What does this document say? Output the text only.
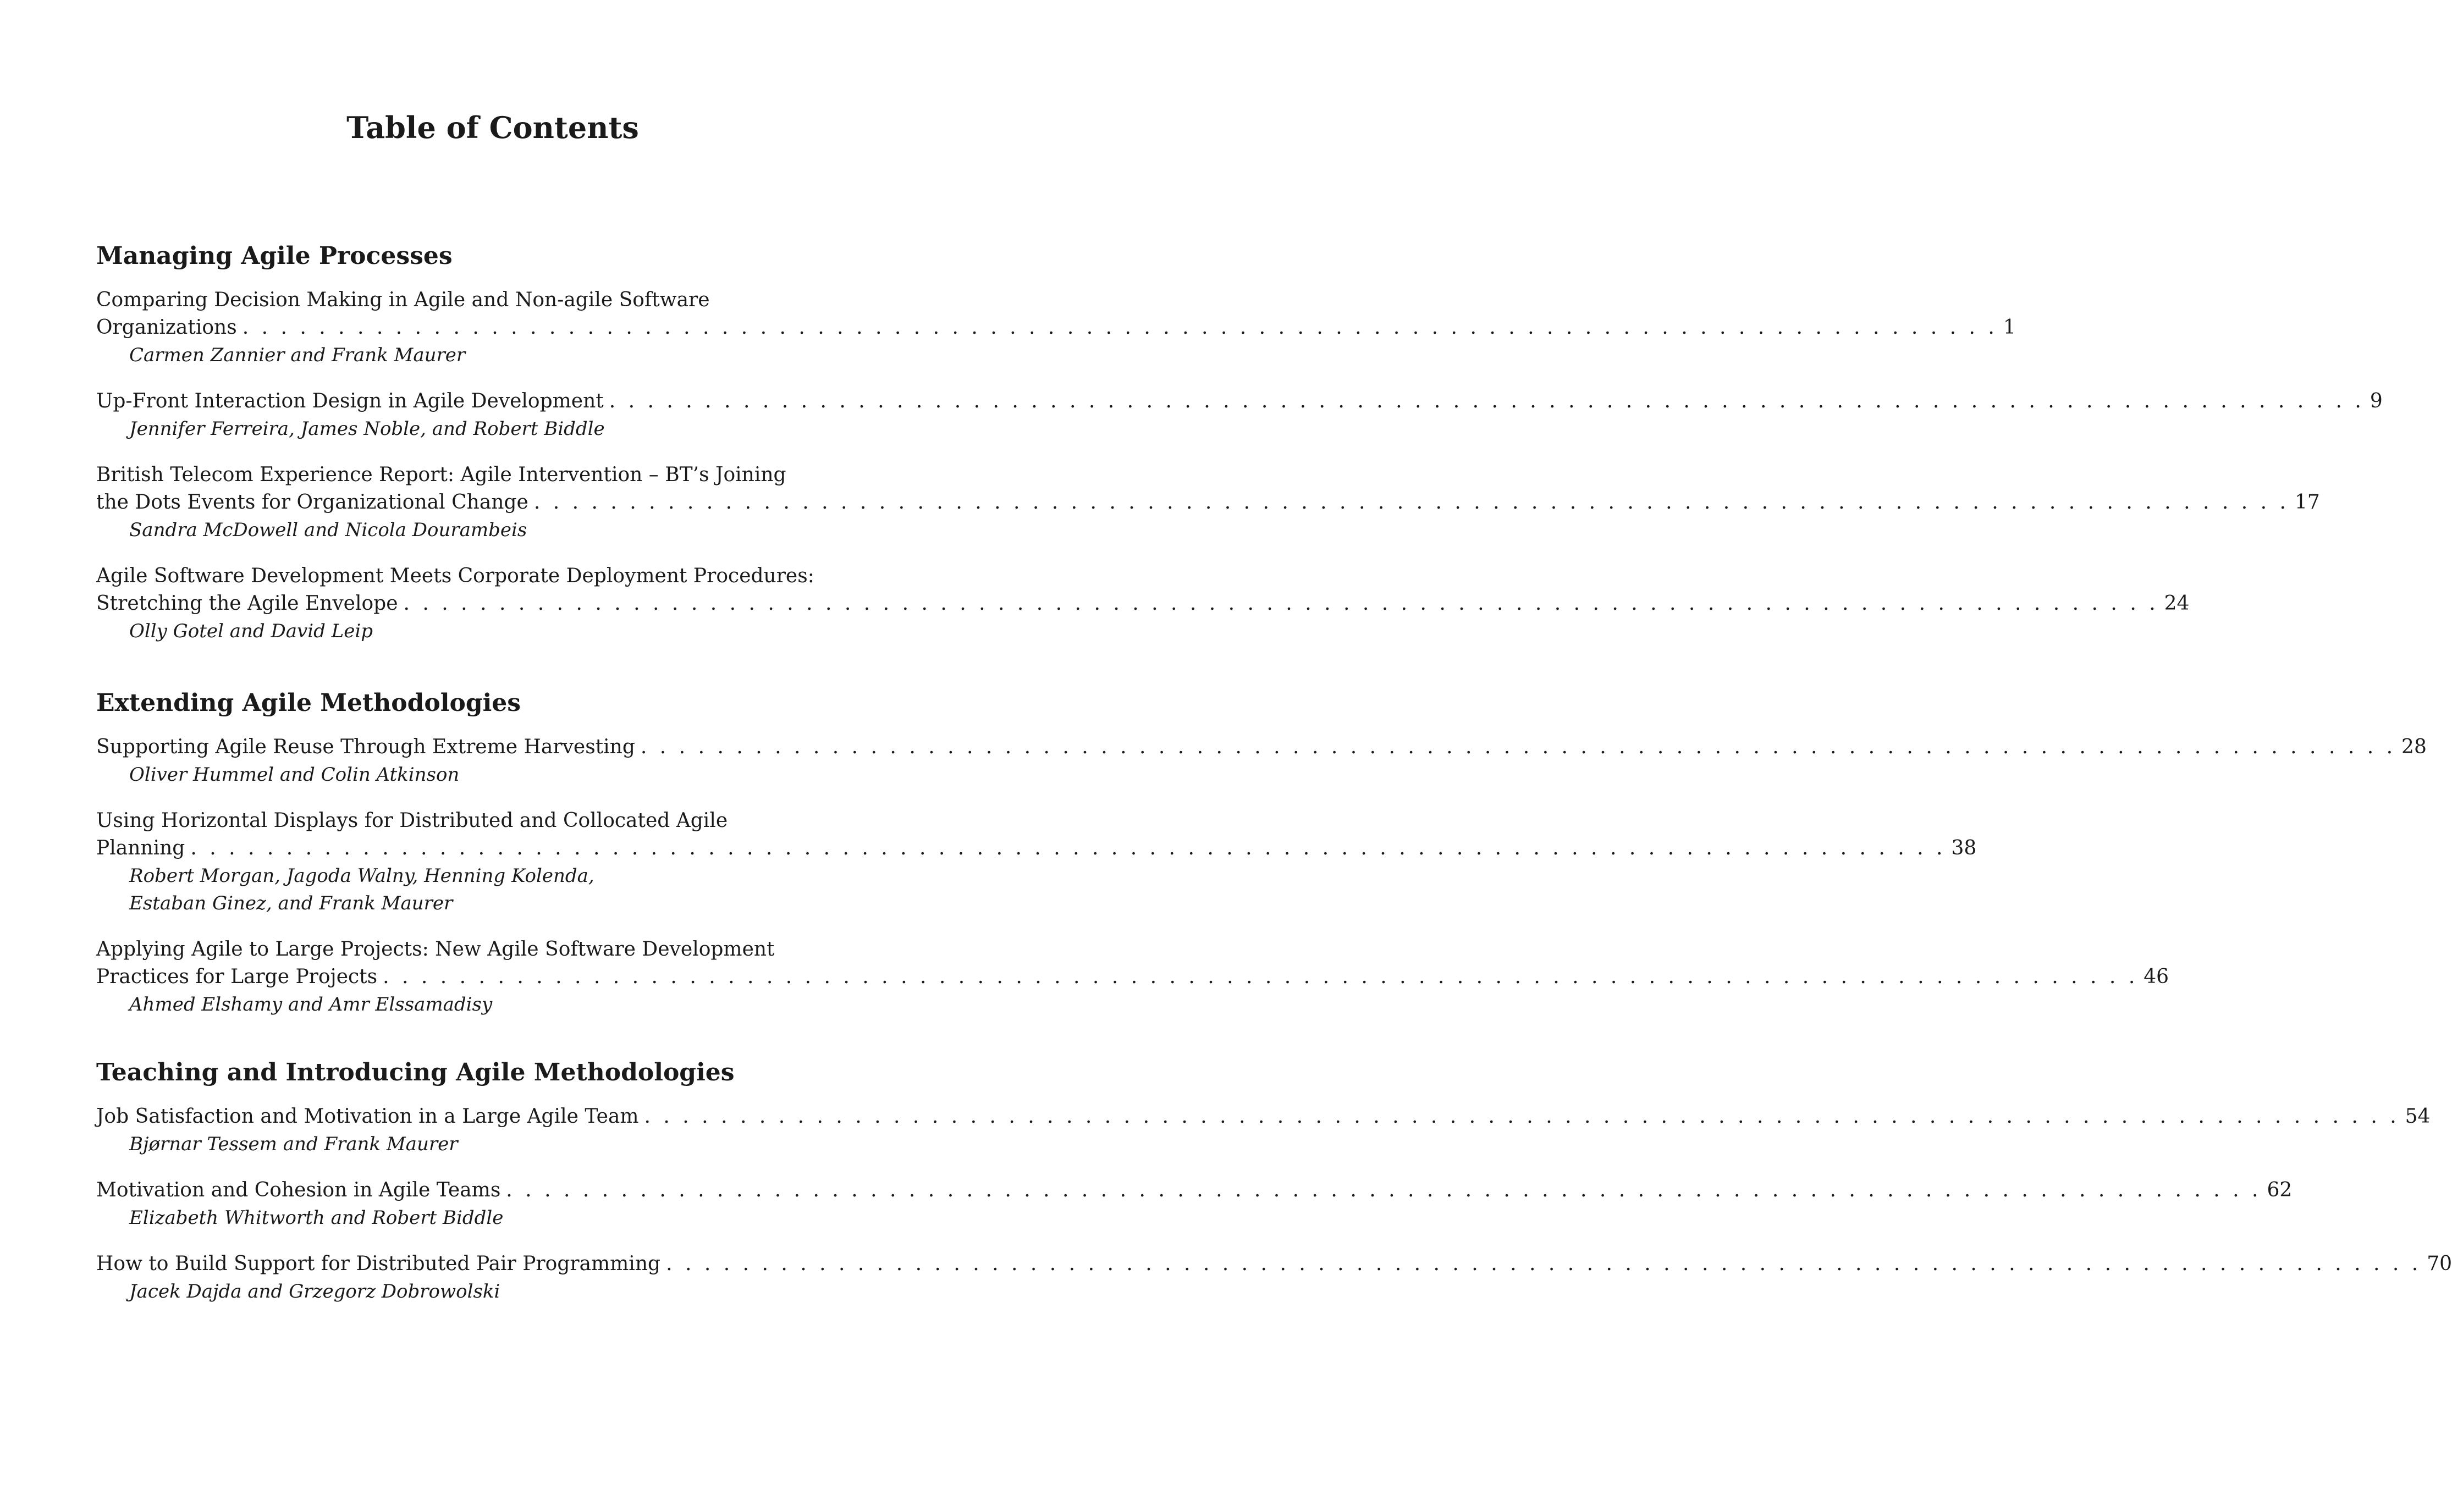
Table of Contents
Managing Agile Processes
Comparing Decision Making in Agile and Non-agile Software
Organizations . . .	1
Carmen Zannier and Frank Maurer
Up-Front Interaction Design in Agile Development . . .	9
Jennifer Ferreira, James Noble, and Robert Biddle
British Telecom Experience Report: Agile Intervention – BT’s Joining
the Dots Events for Organizational Change . . .	17
Sandra McDowell and Nicola Dourambeis
Agile Software Development Meets Corporate Deployment Procedures:
Stretching the Agile Envelope . . .	24
Olly Gotel and David Leip
Extending Agile Methodologies
Supporting Agile Reuse Through Extreme Harvesting . . .	28
Oliver Hummel and Colin Atkinson
Using Horizontal Displays for Distributed and Collocated Agile
Planning . . .	38
Robert Morgan, Jagoda Walny, Henning Kolenda,
Estaban Ginez, and Frank Maurer
Applying Agile to Large Projects: New Agile Software Development
Practices for Large Projects . . .	46
Ahmed Elshamy and Amr Elssamadisy
Teaching and Introducing Agile Methodologies
Job Satisfaction and Motivation in a Large Agile Team . . .	54
Bjørnar Tessem and Frank Maurer
Motivation and Cohesion in Agile Teams . . .	62
Elizabeth Whitworth and Robert Biddle
How to Build Support for Distributed Pair Programming . . .	70
Jacek Dajda and Grzegorz Dobrowolski
